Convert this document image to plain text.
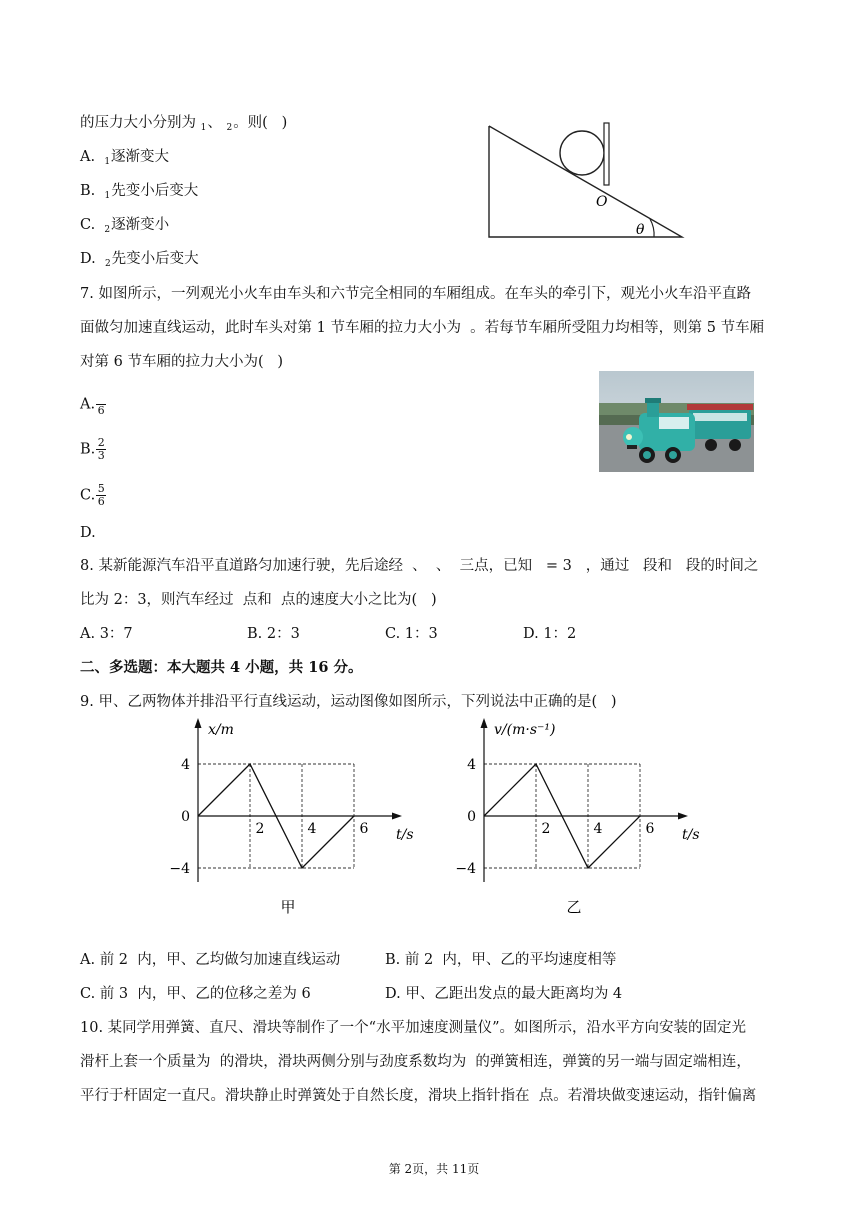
的压力大小分别为 $_1$、 $_2$。则(   )
A. $_1$逐渐变大
B. $_1$先变小后变大
C. $_2$逐渐变小
D. $_2$先变小后变大
O
θ
7. 如图所示，一列观光小火车由车头和六节完全相同的车厢组成。在车头的牵引下，观光小火车沿平直路
面做匀加速直线运动，此时车头对第 1 节车厢的拉力大小为  。若每节车厢所受阻力均相等，则第 5 节车厢
对第 6 节车厢的拉力大小为(   )
A. 6
B. $\frac{2}{3}$
C. $\frac{5}{6}$
D.
8. 某新能源汽车沿平直道路匀加速行驶，先后途经  、  、  三点，已知   = 3   ，通过   段和   段的时间之
比为 2：3，则汽车经过  点和  点的速度大小之比为(   )
A. 3：7	B. 2：3	C. 1：3	D. 1：2
二、多选题：本大题共 4 小题，共 16 分。
9. 甲、乙两物体并排沿平行直线运动，运动图像如图所示，下列说法中正确的是(   )
4
0
−4
2	4	6
x/m
t/s
甲
4
0
−4
2	4	6
v/(m·s⁻¹)
t/s
乙
A. 前 2  内，甲、乙均做匀加速直线运动	B. 前 2  内，甲、乙的平均速度相等
C. 前 3  内，甲、乙的位移之差为 6	D. 甲、乙距出发点的最大距离均为 4
10. 某同学用弹簧、直尺、滑块等制作了一个“水平加速度测量仪”。如图所示，沿水平方向安装的固定光
滑杆上套一个质量为  的滑块，滑块两侧分别与劲度系数均为  的弹簧相连，弹簧的另一端与固定端相连，
平行于杆固定一直尺。滑块静止时弹簧处于自然长度，滑块上指针指在  点。若滑块做变速运动，指针偏离
第 2页，共 11页
